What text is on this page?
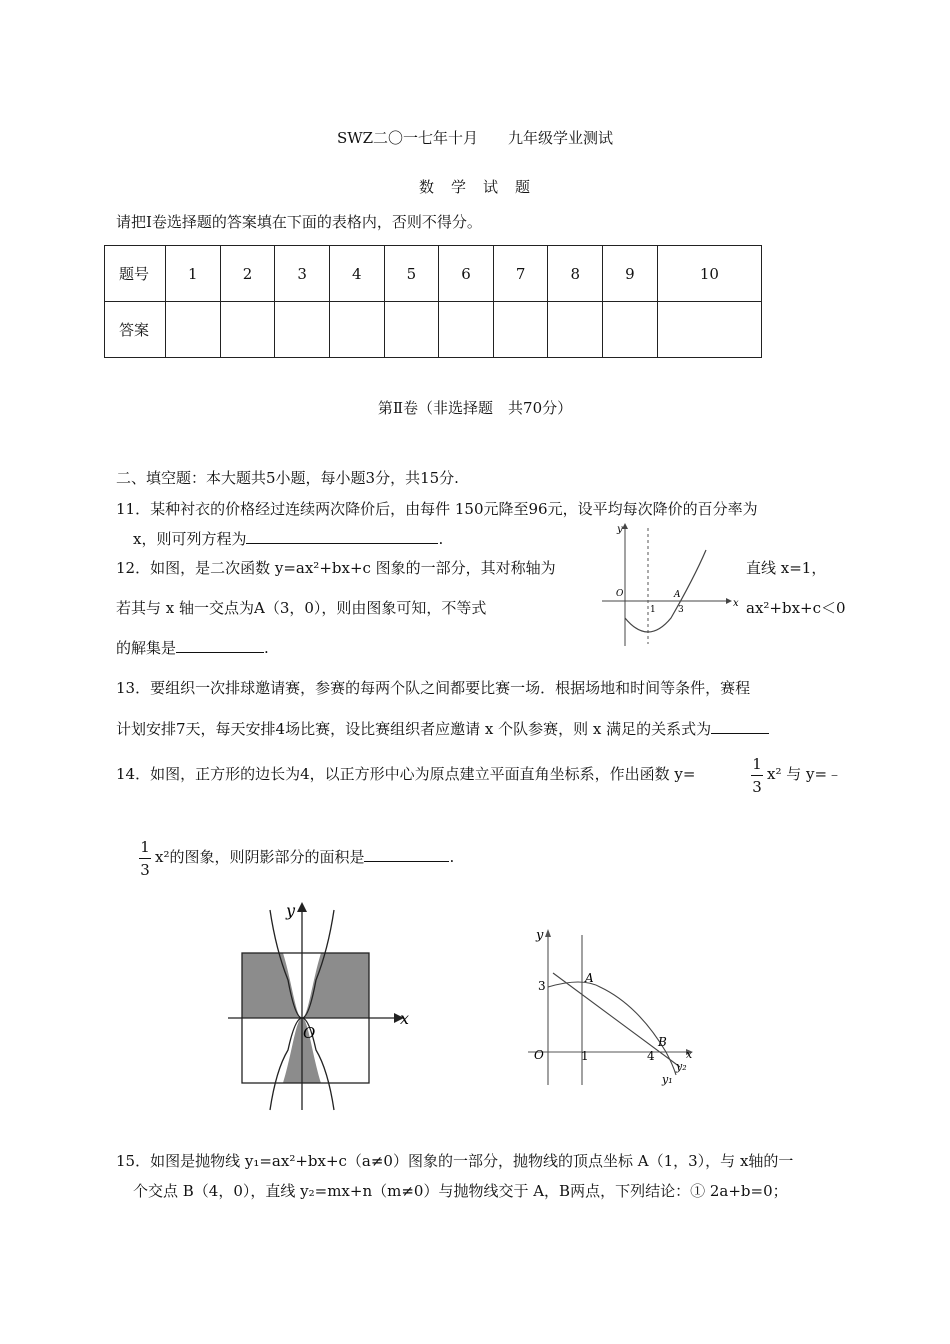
SWZ二〇一七年十月　　九年级学业测试
数　学　试　题
请把Ⅰ卷选择题的答案填在下面的表格内，否则不得分。
题号	1	2	3	4	5	6	7	8	9	10
答案										
第Ⅱ卷（非选择题　共70分）
二、填空题：本大题共5小题，每小题3分，共15分.
11．某种衬衣的价格经过连续两次降价后，由每件 150元降至96元，设平均每次降价的百分率为
x，则可列方程为	.
12．如图，是二次函数 y=ax²+bx+c 图象的一部分，其对称轴为	直线 x=1，
若其与 x 轴一交点为A（3，0），则由图象可知，不等式	ax²+bx+c＜0
的解集是	.
y
O
x
1
A
3
13．要组织一次排球邀请赛，参赛的每两个队之间都要比赛一场．根据场地和时间等条件，赛程
计划安排7天，每天安排4场比赛，设比赛组织者应邀请 x 个队参赛，则 x 满足的关系式为
14．如图，正方形的边长为4，以正方形中心为原点建立平面直角坐标系，作出函数 y=
1
3
x² 与 y=﹣
1
3
x²的图象，则阴影部分的面积是	.
y
x
O
y
3
A
O	1	4
B
x
y₂
y₁
15．如图是抛物线 y₁=ax²+bx+c（a≠0）图象的一部分，抛物线的顶点坐标 A（1，3），与 x轴的一
个交点 B（4，0），直线 y₂=mx+n（m≠0）与抛物线交于 A，B两点，下列结论：① 2a+b=0；
